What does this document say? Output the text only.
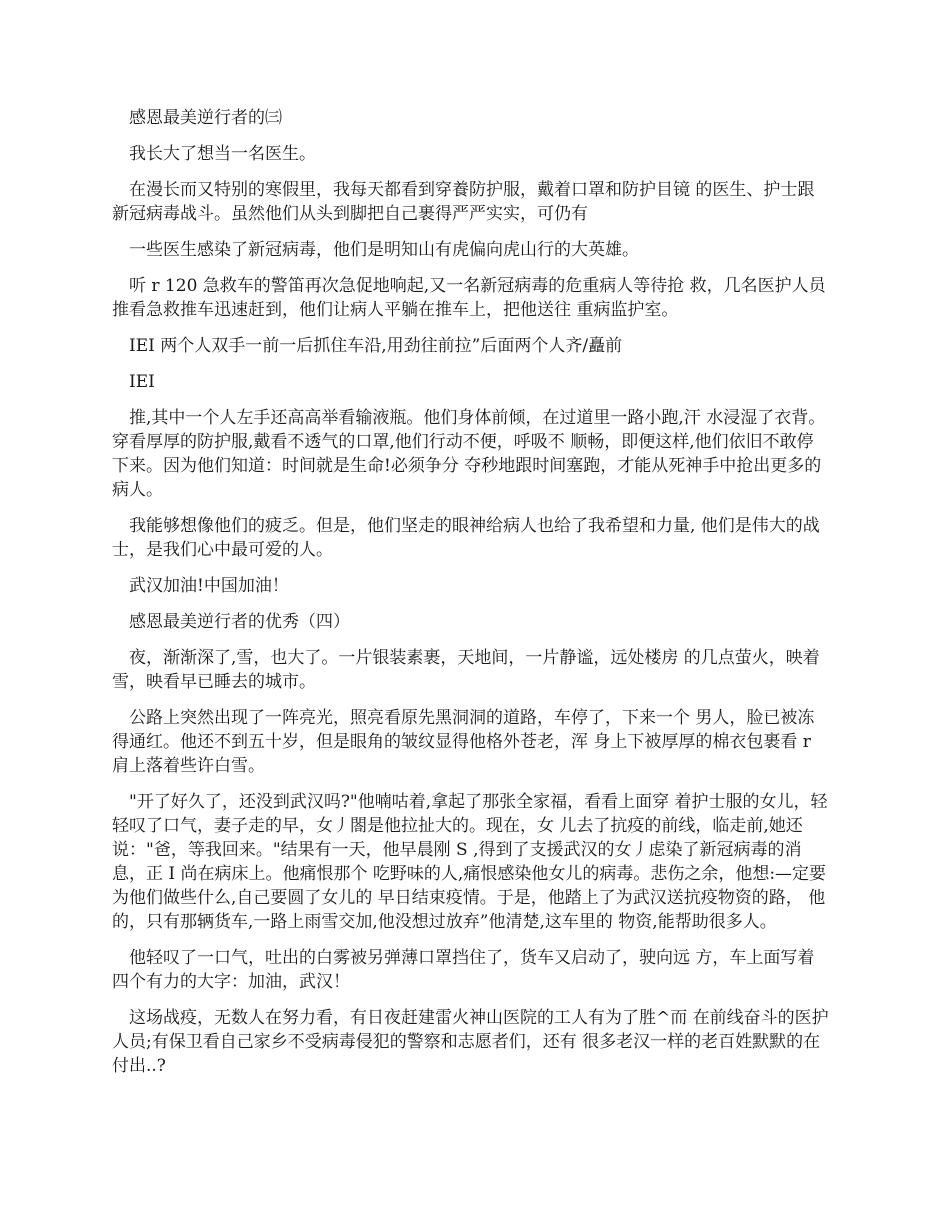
感恩最美逆行者的㈢

我长大了想当一名医生。

在漫长而又特别的寒假里，我每天都看到穿養防护服，戴着口罩和防护目镜 的医生、护士跟新冠病毒战斗。虽然他们从头到脚把自己裹得严严实实，可仍有

一些医生感染了新冠病毒，他们是明知山有虎偏向虎山行的大英雄。

听 r 120 急救车的警笛再次急促地响起,又一名新冠病毒的危重病人等待抢 救，几名医护人员推看急救推车迅速赶到，他们让病人平躺在推车上，把他送往 重病监护室。

IEI 两个人双手一前一后抓住车沿,用劲往前拉”后面两个人齐/矗前

IEI

推,其中一个人左手还高高举看输液瓶。他们身体前倾，在过道里一路小跑,汗 水浸湿了衣背。穿看厚厚的防护服,戴看不透气的口罩,他们行动不便，呼吸不 顺畅，即便这样,他们依旧不敢停下来。因为他们知道：时间就是生命!必须争分 夺秒地跟时间塞跑，才能从死神手中抢出更多的病人。

我能够想像他们的疲乏。但是，他们坚走的眼神给病人也给了我希望和力量, 他们是伟大的战士，是我们心中最可爱的人。

武汉加油!中国加油！

感恩最美逆行者的优秀（四）

夜，渐渐深了,雪，也大了。一片银装素裹，天地间，一片静谧，远处楼房 的几点萤火，映着雪，映看早已睡去的城市。

公路上突然出现了一阵亮光，照亮看原先黑洞洞的道路，车停了，下来一个 男人，脸已被冻得通红。他还不到五十岁，但是眼角的皱纹显得他格外苍老，浑 身上下被厚厚的棉衣包裹看 r 肩上落着些许白雪。

"开了好久了，还没到武汉吗?"他喃咕着,拿起了那张全家福，看看上面穿 着护士服的女儿，轻轻叹了口气，妻子走的早，女丿閤是他拉扯大的。现在，女 儿去了抗疫的前线，临走前,她还说："爸，等我回来。"结果有一天，他早晨刚 S ,得到了支援武汉的女丿虑染了新冠病毒的消息，正 I 尚在病床上。他痛恨那个 吃野味的人,痛恨感染他女儿的病毒。悲伤之余，他想:—定要为他们做些什么,自己要圆了女儿的 早日结束疫情。于是，他踏上了为武汉送抗疫物资的路， 他的，只有那辆货车,一路上雨雪交加,他没想过放弃”他清楚,这车里的 物资,能帮助很多人。

他轻叹了一口气，吐出的白雾被另弹薄口罩挡住了，货车又启动了，驶向远 方，车上面写着四个有力的大字：加油，武汉！

这场战疫，无数人在努力看，有日夜赶建雷火神山医院的工人有为了胜^而 在前线奋斗的医护人员;有保卫看自己家乡不受病毒侵犯的警察和志愿者们，还有 很多老汉一样的老百姓默默的在付出..?
